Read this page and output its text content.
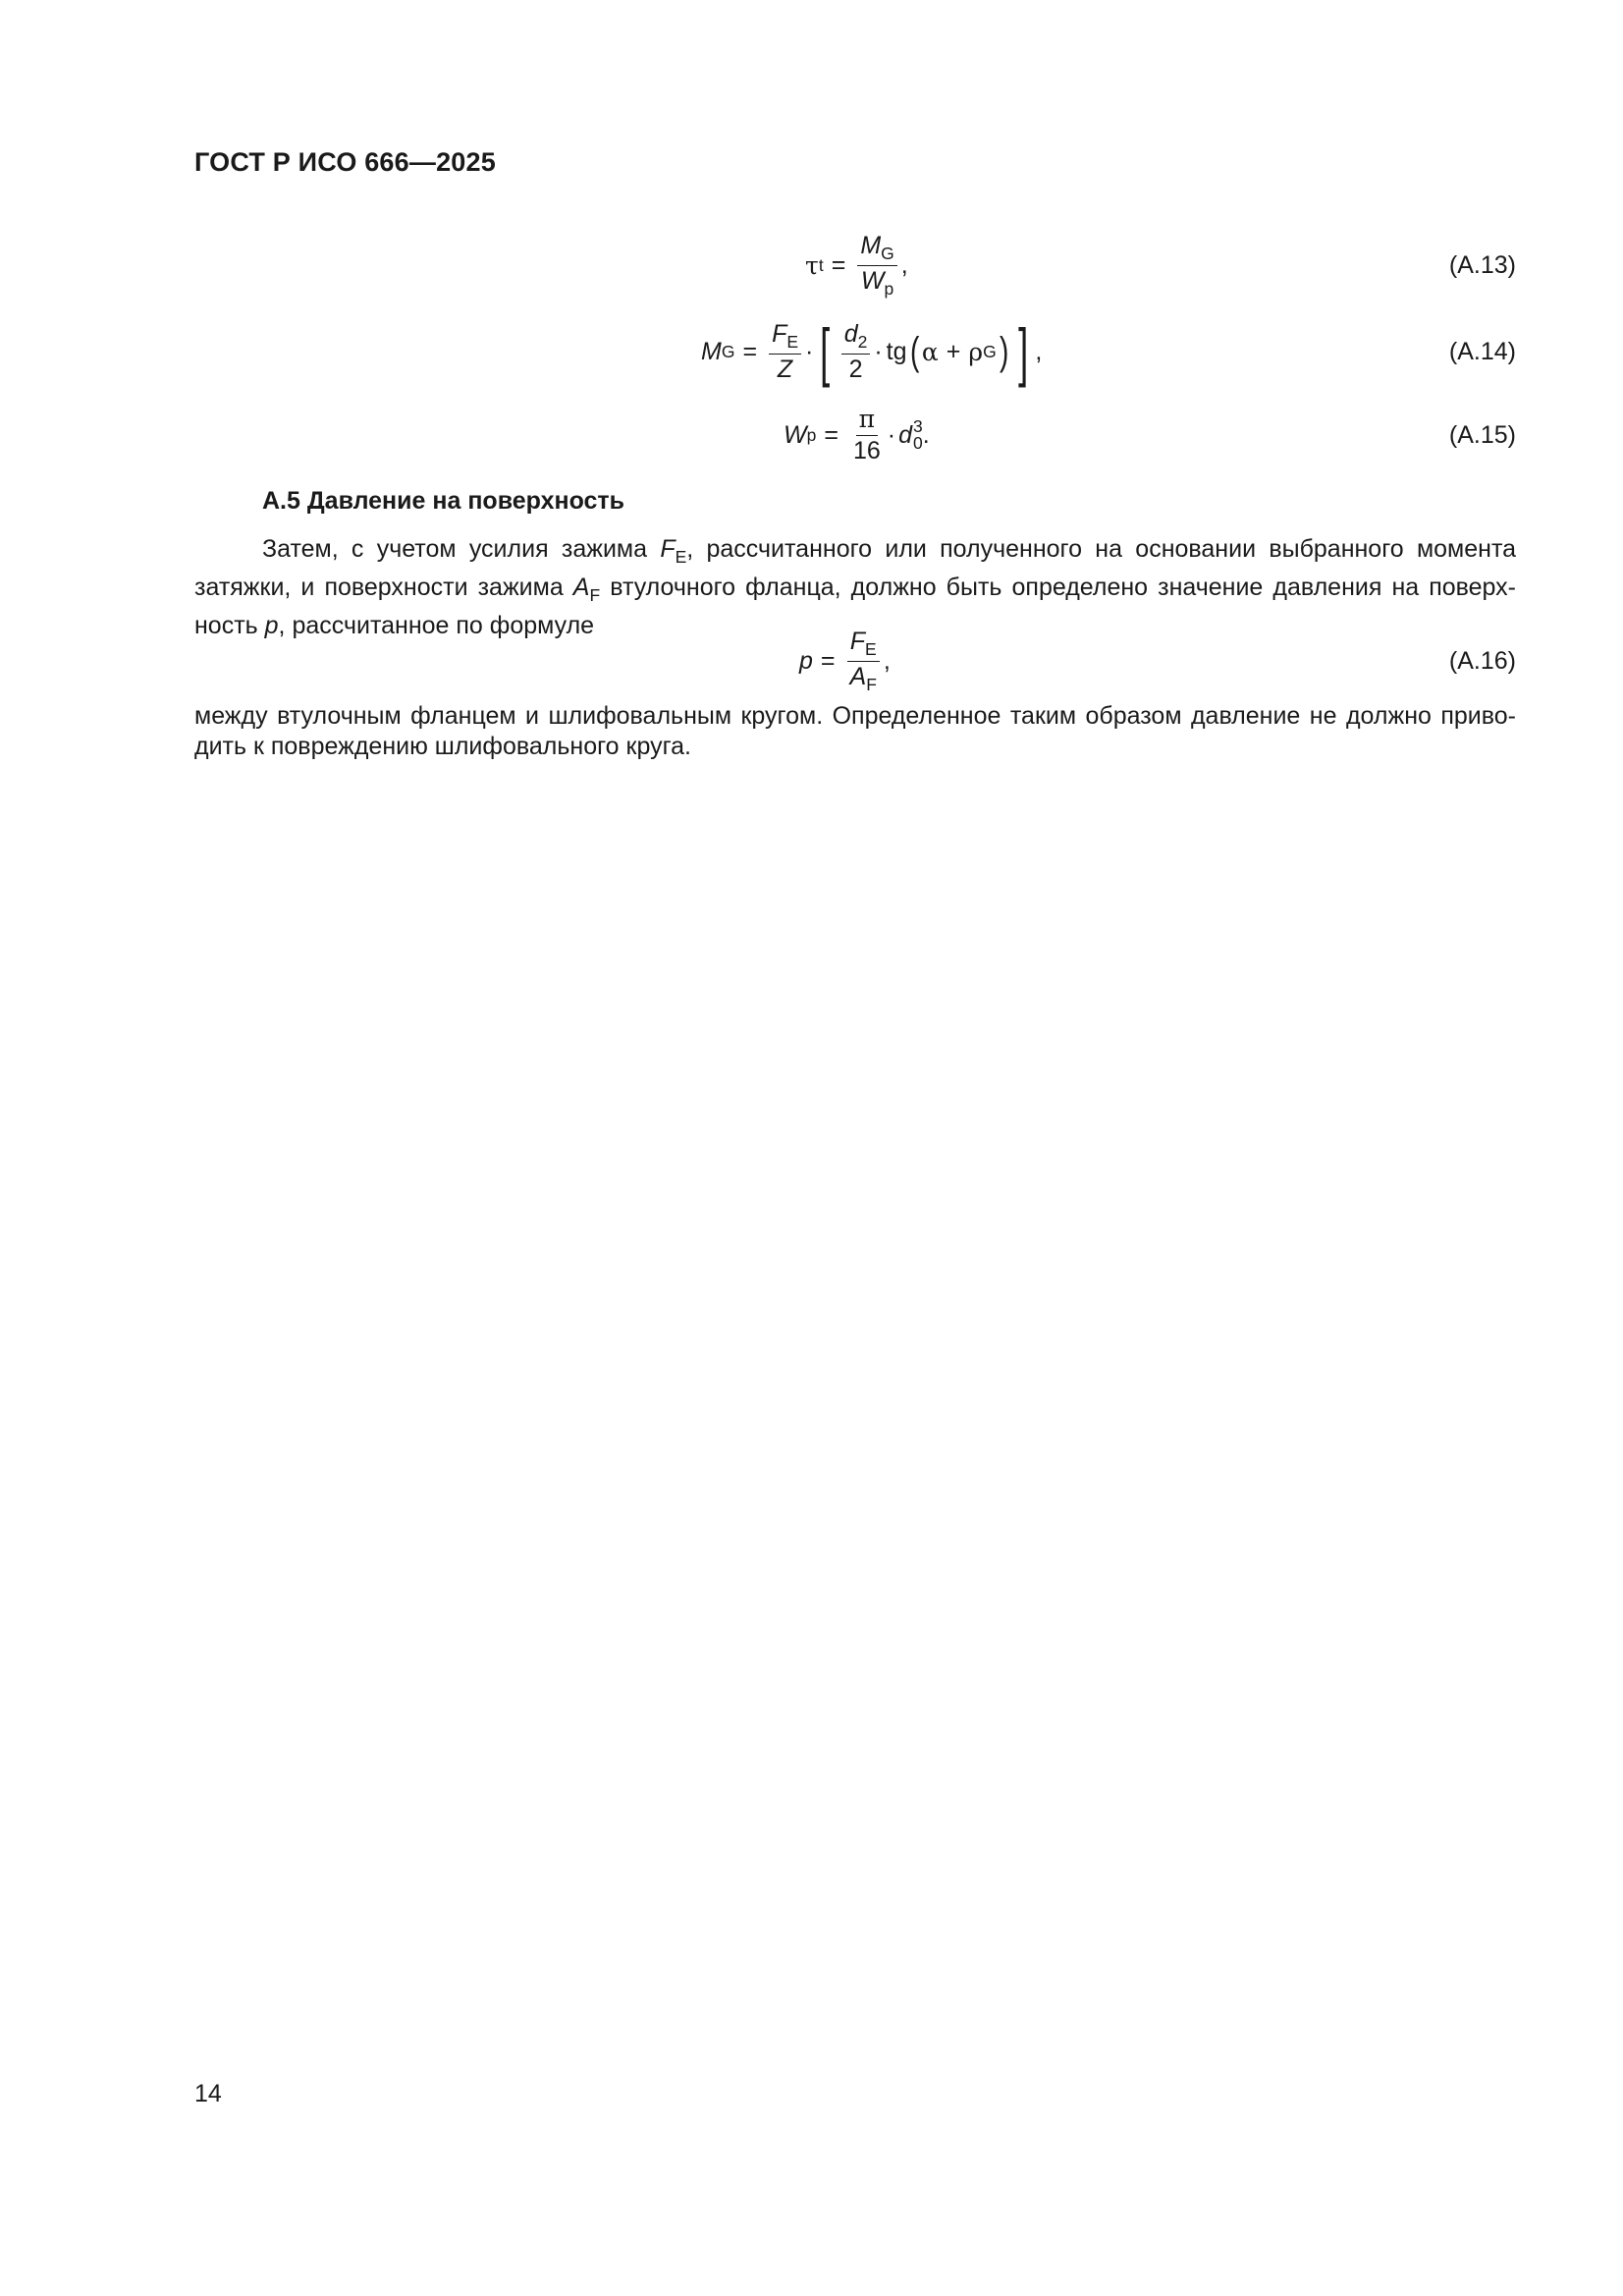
ГОСТ Р ИСО 666—2025
τ $t = \frac{M_G}{W_p}$ ,	(А.13)
M $G = \frac{F_E}{Z}$ · [ $\frac{d_2}{2}$ · tg ( α + ρ G ) ] ,	(А.14)
W $p = \frac{\pi}{16} \cdot d$ 3
0 .	(А.15)
А.5 Давление на поверхность
Затем, с учетом усилия зажима $F_E$, рассчитанного или полученного на основании выбранного момента
затяжки, и поверхности зажима $A_F$ втулочного фланца, должно быть определено значение давления на поверх-
ность p, рассчитанное по формуле
$p = \frac{F_E}{A_F}$ ,	(А.16)
между втулочным фланцем и шлифовальным кругом. Определенное таким образом давление не должно приво-
дить к повреждению шлифовального круга.
14
